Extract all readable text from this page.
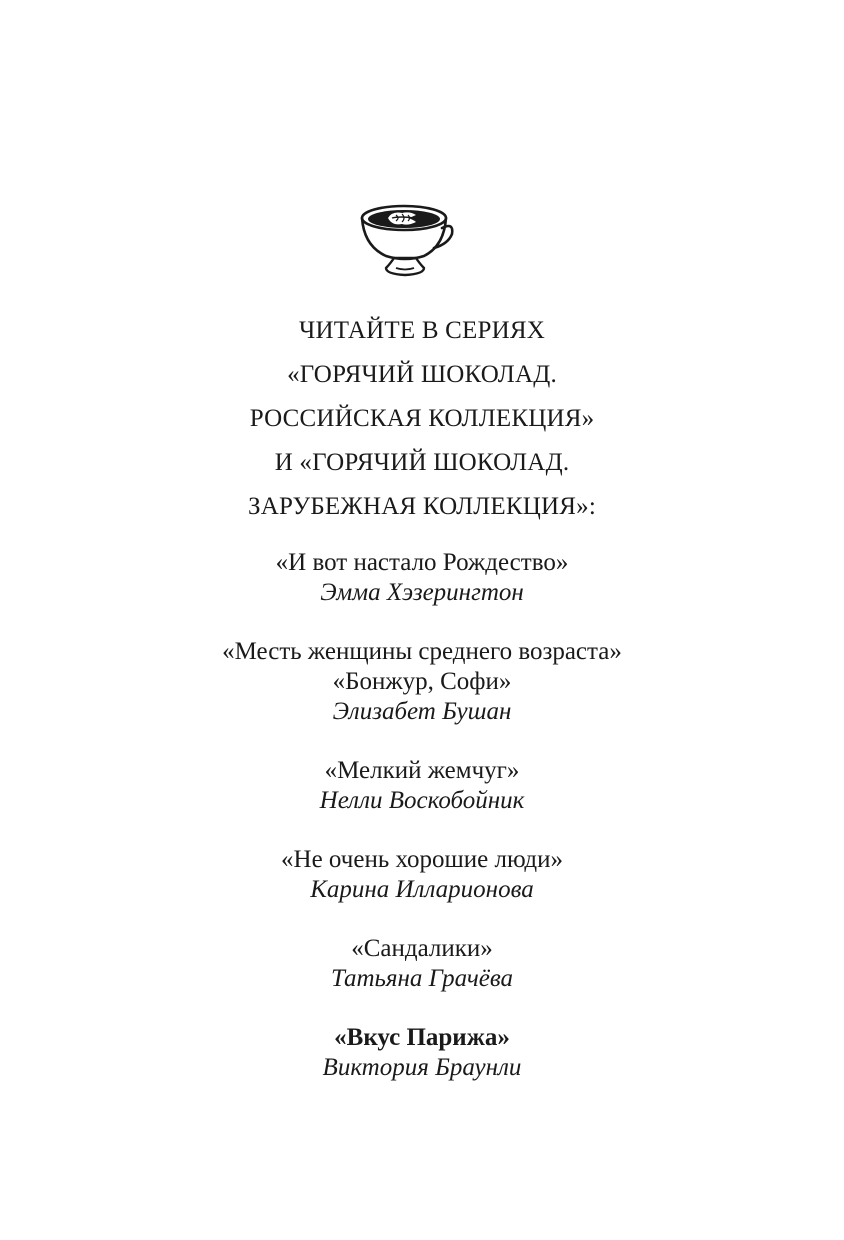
ЧИТАЙТЕ В СЕРИЯХ
«ГОРЯЧИЙ ШОКОЛАД.
РОССИЙСКАЯ КОЛЛЕКЦИЯ»
И «ГОРЯЧИЙ ШОКОЛАД.
ЗАРУБЕЖНАЯ КОЛЛЕКЦИЯ»:
«И вот настало Рождество»
Эмма Хэзерингтон
«Месть женщины среднего возраста»
«Бонжур, Софи»
Элизабет Бушан
«Мелкий жемчуг»
Нелли Воскобойник
«Не очень хорошие люди»
Карина Илларионова
«Сандалики»
Татьяна Грачёва
«Вкус Парижа»
Виктория Браунли
